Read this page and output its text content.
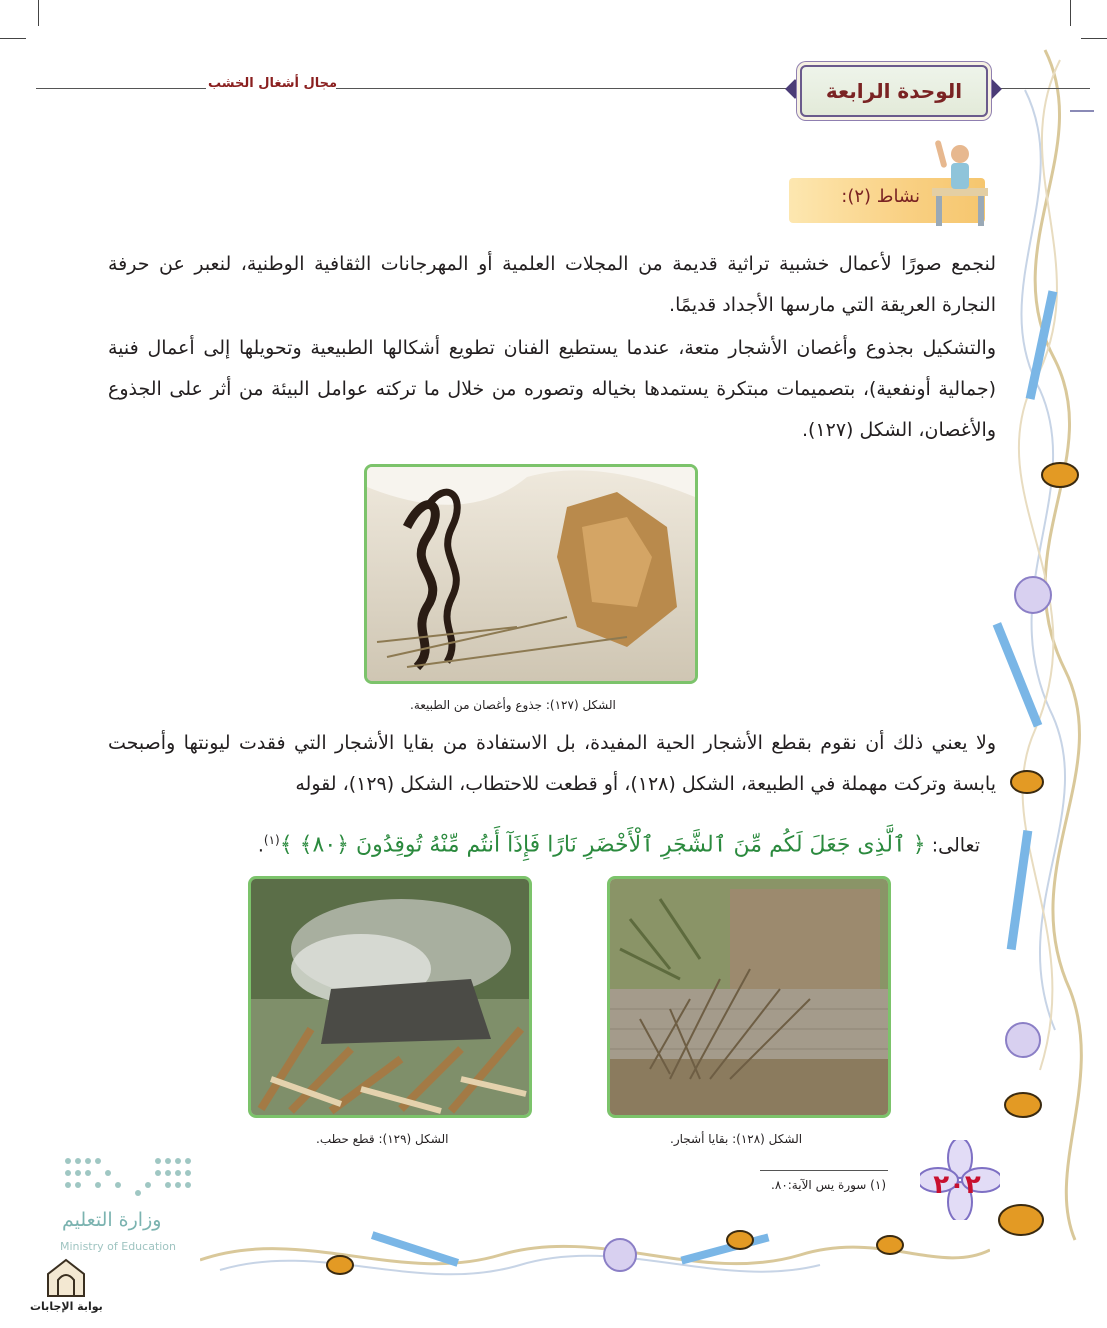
مجال أشغال الخشب	الوحدة الرابعة
نشاط (٢):
لنجمع صورًا لأعمال خشبية تراثية قديمة من المجلات العلمية أو المهرجانات الثقافية الوطنية، لنعبر عن حرفة النجارة العريقة التي مارسها الأجداد قديمًا.
والتشكيل بجذوع وأغصان الأشجار متعة، عندما يستطيع الفنان تطويع أشكالها الطبيعية وتحويلها إلى أعمال فنية (جمالية أونفعية)، بتصميمات مبتكرة يستمدها بخياله وتصوره من خلال ما تركته عوامل البيئة من أثر على الجذوع والأغصان، الشكل (١٢٧).
الشكل (١٢٧): جذوع وأغصان من الطبيعة.
ولا يعني ذلك أن نقوم بقطع الأشجار الحية المفيدة، بل الاستفادة من بقايا الأشجار التي فقدت ليونتها وأصبحت يابسة وتركت مهملة في الطبيعة، الشكل (١٢٨)، أو قطعت للاحتطاب، الشكل (١٢٩)، لقوله
تعالى: ﴿ ٱلَّذِى جَعَلَ لَكُم مِّنَ ٱلشَّجَرِ ٱلْأَخْضَرِ نَارًا فَإِذَآ أَنتُم مِّنْهُ تُوقِدُونَ ﴿٨٠﴾ ﴾$^{(١)}$.
الشكل (١٢٨): بقايا أشجار.
الشكل (١٢٩): قطع حطب.
(١) سورة يس الآية:٨٠. ٢٠٢
وزارة التعليم
Ministry of Education
بوابة الإجابات
